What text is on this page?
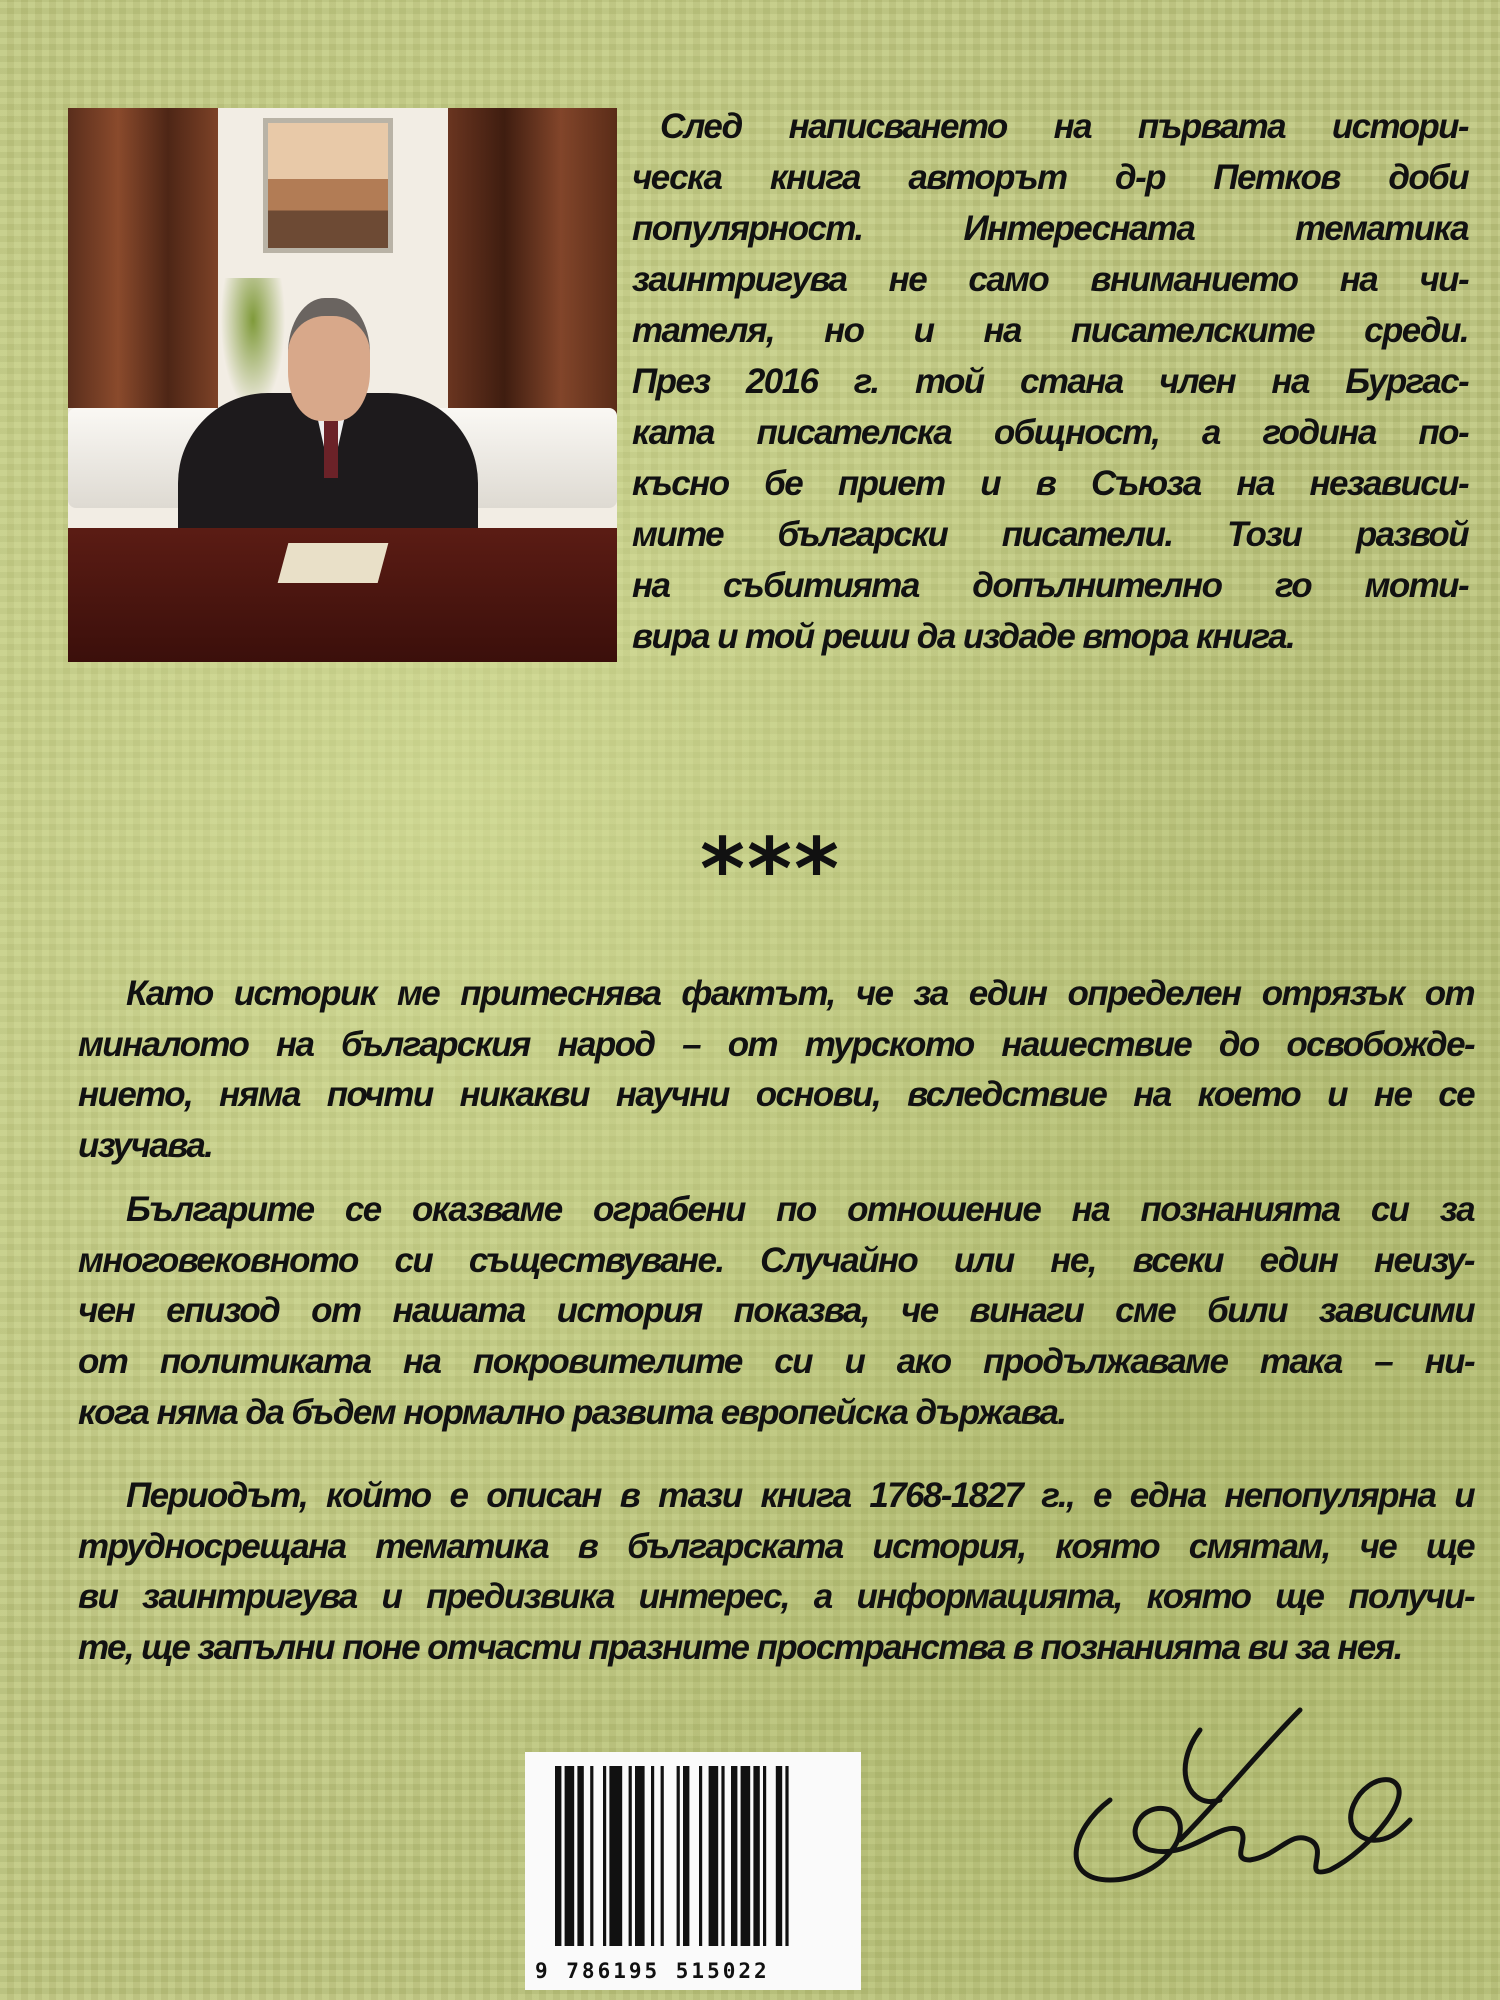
След написването на първата истори-
ческа книга авторът д-р Петков доби
популярност. Интересната тематика
заинтригува не само вниманието на чи-
тателя, но и на писателските среди.
През 2016 г. той стана член на Бургас-
ката писателска общност, а година по-
късно бе приет и в Съюза на независи-
мите български писатели. Този развой
на събитията допълнително го моти-
вира и той реши да издаде втора книга.
***
Като историк ме притеснява фактът, че за един определен отрязък от
миналото на българския народ – от турското нашествие до освобожде-
нието, няма почти никакви научни основи, вследствие на което и не се
изучава.
Българите се оказваме ограбени по отношение на познанията си за
многовековното си съществуване. Случайно или не, всеки един неизу-
чен епизод от нашата история показва, че винаги сме били зависими
от политиката на покровителите си и ако продължаваме така – ни-
кога няма да бъдем нормално развита европейска държава.
Периодът, който е описан в тази книга 1768-1827 г., е една непопулярна и
трудносрещана тематика в българската история, която смятам, че ще
ви заинтригува и предизвика интерес, а информацията, която ще получи-
те, ще запълни поне отчасти празните пространства в познанията ви за нея.
9 786195 515022
